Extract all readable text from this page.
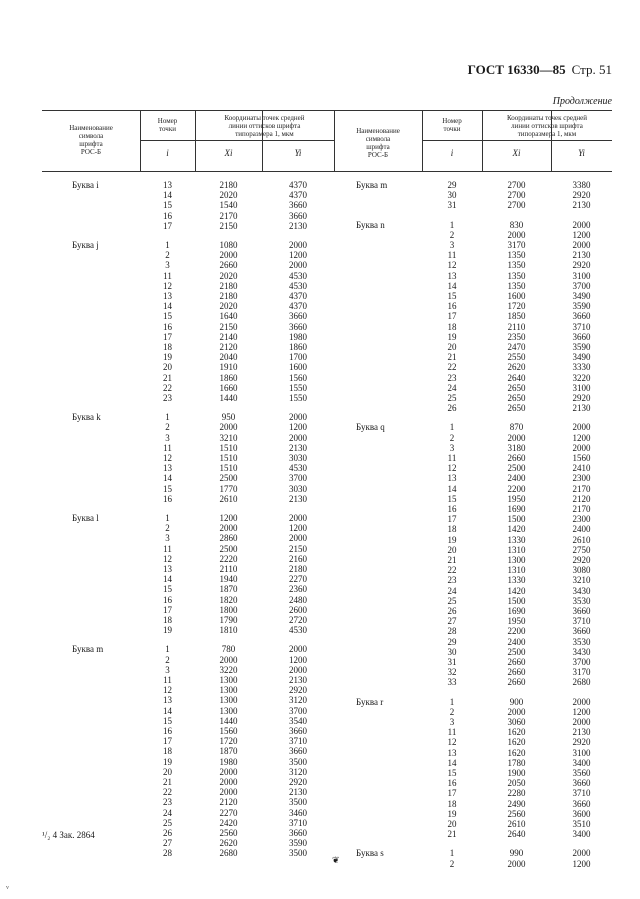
ГОСТ 16330—85 Стр. 51
Продолжение
Наименование
символа
шрифта
РОС-Б
Номер
точки
Координаты точек средней
линии оттисков шрифта
типоразмера 1, мкм
i	Xi	Yi
Наименование
символа
шрифта
РОС-Б
Номер
точки
Координаты точек средней
линии оттисков шрифта
типоразмера 1, мкм
i	Xi	Yi
Буква i	13	2180	4370
14	2020	4370
15	1540	3660
16	2170	3660
17	2150	2130
Буква j	1	1080	2000
2	2000	1200
3	2660	2000
11	2020	4530
12	2180	4530
13	2180	4370
14	2020	4370
15	1640	3660
16	2150	3660
17	2140	1980
18	2120	1860
19	2040	1700
20	1910	1600
21	1860	1560
22	1660	1550
23	1440	1550
Буква k	1	950	2000
2	2000	1200
3	3210	2000
11	1510	2130
12	1510	3030
13	1510	4530
14	2500	3700
15	1770	3030
16	2610	2130
Буква l	1	1200	2000
2	2000	1200
3	2860	2000
11	2500	2150
12	2220	2160
13	2110	2180
14	1940	2270
15	1870	2360
16	1820	2480
17	1800	2600
18	1790	2720
19	1810	4530
Буква m	1	780	2000
2	2000	1200
3	3220	2000
11	1300	2130
12	1300	2920
13	1300	3120
14	1300	3700
15	1440	3540
16	1560	3660
17	1720	3710
18	1870	3660
19	1980	3500
20	2000	3120
21	2000	2920
22	2000	2130
23	2120	3500
24	2270	3460
25	2420	3710
26	2560	3660
27	2620	3590
28	2680	3500
Буква m	29	2700	3380
30	2700	2920
31	2700	2130
Буква n	1	830	2000
2	2000	1200
3	3170	2000
11	1350	2130
12	1350	2920
13	1350	3100
14	1350	3700
15	1600	3490
16	1720	3590
17	1850	3660
18	2110	3710
19	2350	3660
20	2470	3590
21	2550	3490
22	2620	3330
23	2640	3220
24	2650	3100
25	2650	2920
26	2650	2130
Буква q	1	870	2000
2	2000	1200
3	3180	2000
11	2660	1560
12	2500	2410
13	2400	2300
14	2200	2170
15	1950	2120
16	1690	2170
17	1500	2300
18	1420	2400
19	1330	2610
20	1310	2750
21	1300	2920
22	1310	3080
23	1330	3210
24	1420	3430
25	1500	3530
26	1690	3660
27	1950	3710
28	2200	3660
29	2400	3530
30	2500	3430
31	2660	3700
32	2660	3170
33	2660	2680
Буква r	1	900	2000
2	2000	1200
3	3060	2000
11	1620	2130
12	1620	2920
13	1620	3100
14	1780	3400
15	1900	3560
16	2050	3660
17	2280	3710
18	2490	3660
19	2560	3600
20	2610	3510
21	2640	3400
Буква s	1	990	2000
2	2000	1200
¹/₂ 4 Зак. 2864
❦
v
